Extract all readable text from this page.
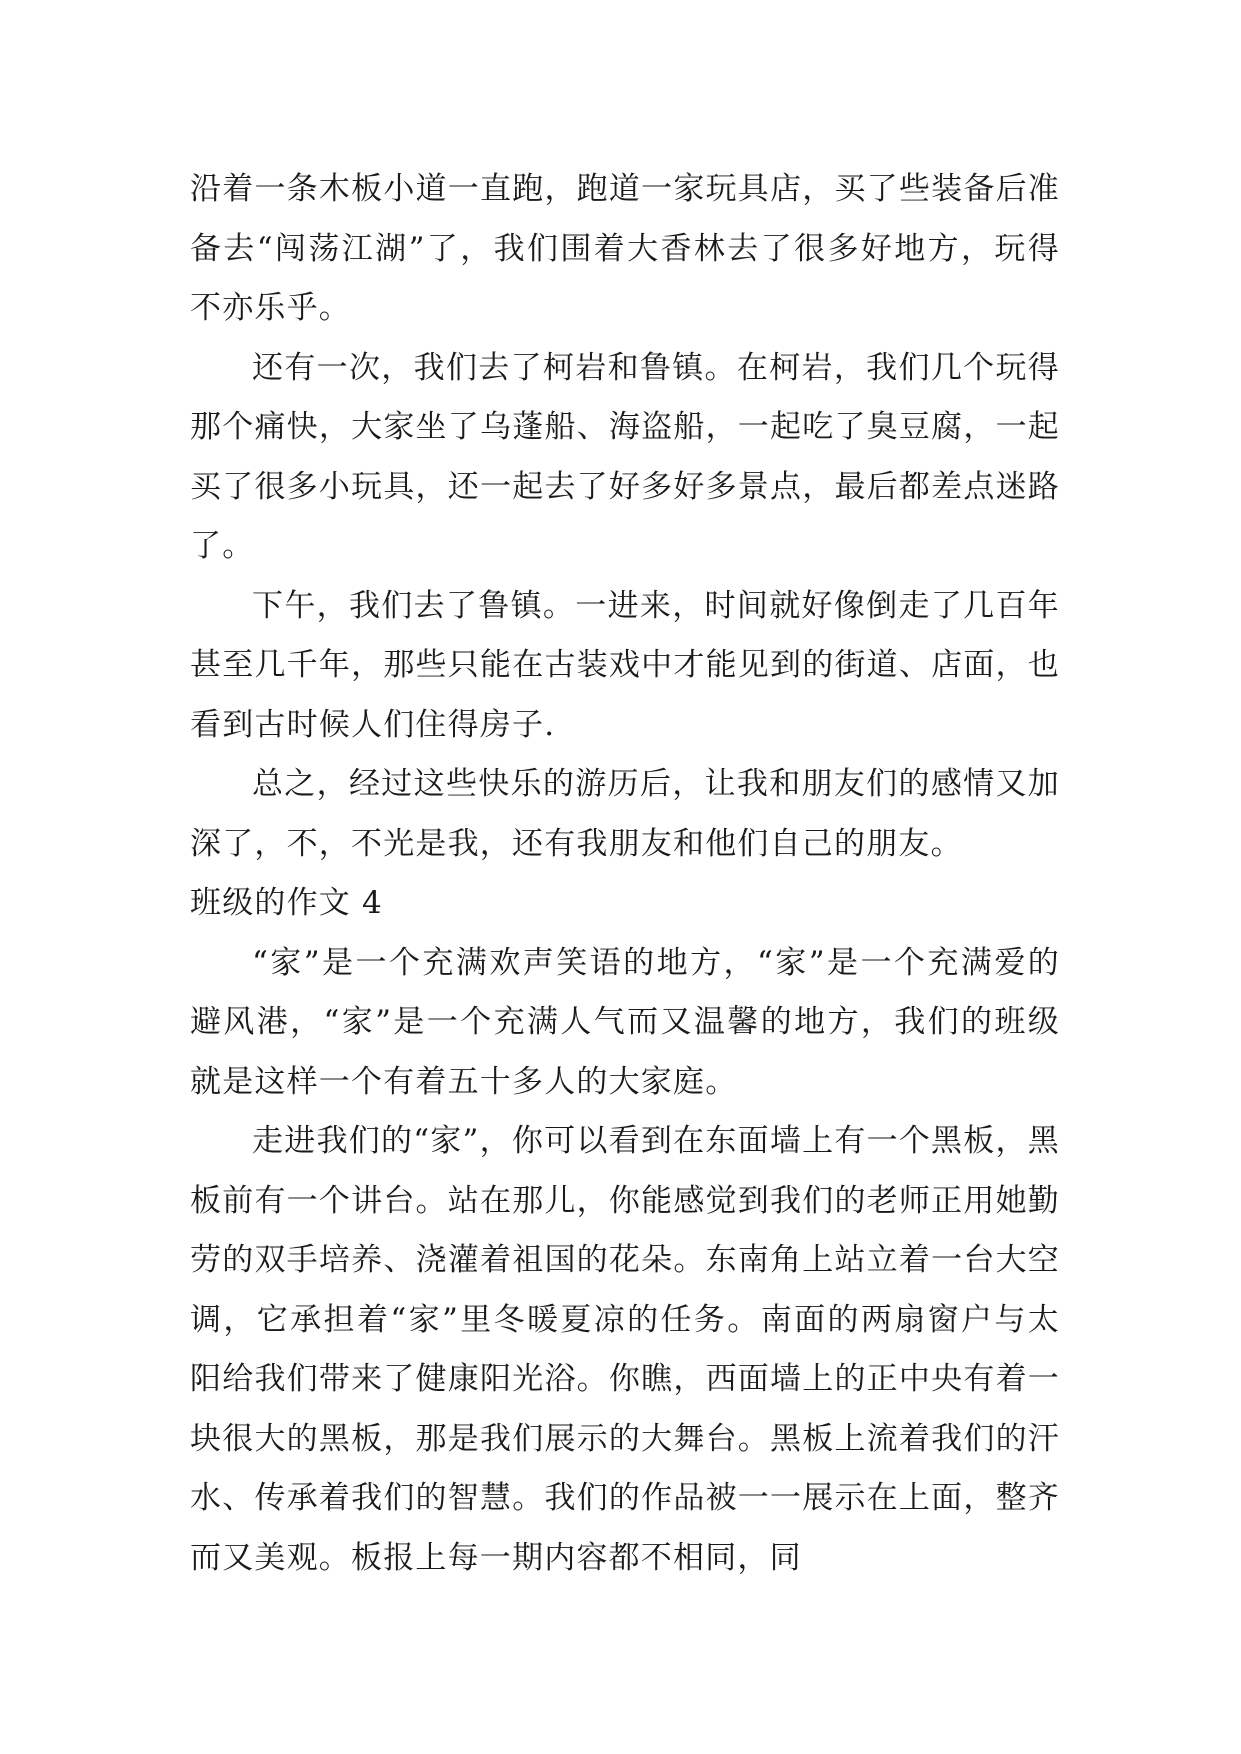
沿着一条木板小道一直跑，跑道一家玩具店，买了些装备后准备去“闯荡江湖”了，我们围着大香林去了很多好地方，玩得不亦乐乎。

还有一次，我们去了柯岩和鲁镇。在柯岩，我们几个玩得那个痛快，大家坐了乌蓬船、海盗船，一起吃了臭豆腐，一起买了很多小玩具，还一起去了好多好多景点，最后都差点迷路了。

下午，我们去了鲁镇。一进来，时间就好像倒走了几百年甚至几千年，那些只能在古装戏中才能见到的街道、店面，也看到古时候人们住得房子.

总之，经过这些快乐的游历后，让我和朋友们的感情又加深了，不，不光是我，还有我朋友和他们自己的朋友。

班级的作文 4

“家”是一个充满欢声笑语的地方，“家”是一个充满爱的避风港，“家”是一个充满人气而又温馨的地方，我们的班级就是这样一个有着五十多人的大家庭。

走进我们的“家”，你可以看到在东面墙上有一个黑板，黑板前有一个讲台。站在那儿，你能感觉到我们的老师正用她勤劳的双手培养、浇灌着祖国的花朵。东南角上站立着一台大空调，它承担着“家”里冬暖夏凉的任务。南面的两扇窗户与太阳给我们带来了健康阳光浴。你瞧，西面墙上的正中央有着一块很大的黑板，那是我们展示的大舞台。黑板上流着我们的汗水、传承着我们的智慧。我们的作品被一一展示在上面，整齐而又美观。板报上每一期内容都不相同，同
